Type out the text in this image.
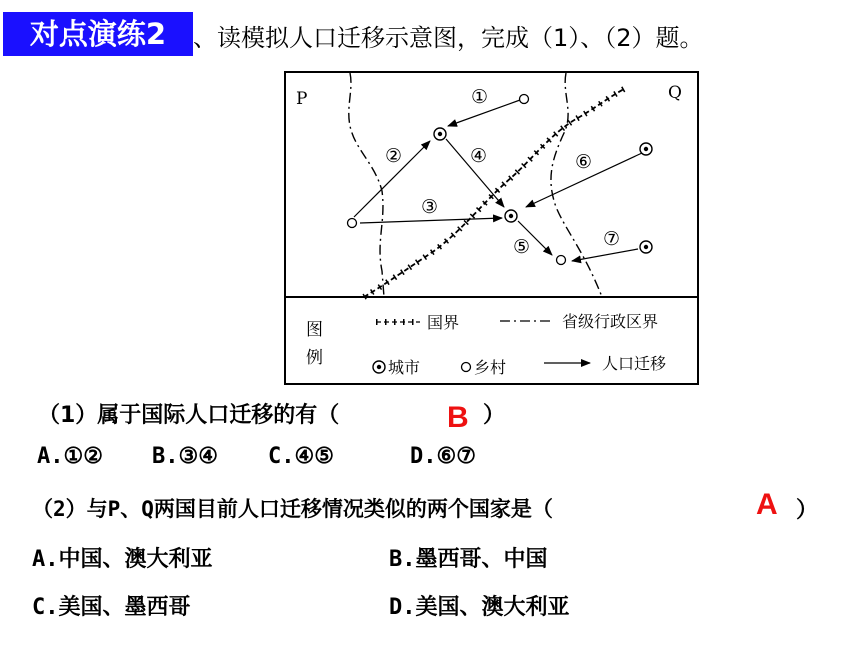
对点演练2	、读模拟人口迁移示意图，完成（1）、（2）题。
P	Q
①
②
③
④
⑤
⑥
⑦
图
例
国界	省级行政区界
城市	乡村	人口迁移
（1）属于国际人口迁移的有（	B ）
A.①② B.③④ C.④⑤	D.⑥⑦
（2）与P、Q两国目前人口迁移情况类似的两个国家是（	A ）
A.中国、澳大利亚	B.墨西哥、中国
C.美国、墨西哥	D.美国、澳大利亚
